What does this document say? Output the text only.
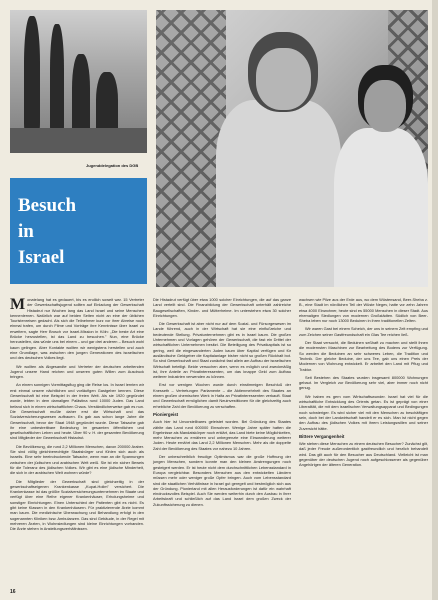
Jugenddelegation des DGB
Besuch
in
Israel

Monatelang hat es gedauert, bis es endlich soweit war. 15 Vertreter der Gewerkschaftsjugend sollten auf Einladung der Gewerkschaft Histadrut nur Wochen lang das Land Israel und seine Menschen kennenlernen. Natürlich war auf beiden Seiten nicht an eine der üblichen Touristenreisen gedacht. Als sich die Teilnehmer kurz vor ihrer Abreise noch einmal trafen, um durch Filme und Vorträge ihre Kenntnisse über Israel zu erweitern, sagte Herr Brosch vor Israel-Mission in Köln: „Die beste Art eine Brücke herzustellen, ist das Land zu besuchen." Nun, eine Brücke herzustellen, das würde uns bei einem – und gar drei anderen – Besuch wohl kaum gelingen. Aber Kontakte wollten wir wenigstens herstellen und auch eine Grundlage, was zwischen den jungen Generationen des israelischen und des deutschen Volkes liegt.

Wir wollten als Abgesandte und Vertreter der deutschen arbeitenden Jugend unsere Hand reichen und unseren guten Willen zum Ausdruck bringen.

An einem sonnigen Vormittagsflug ging die Reise los. In Israel lernten wir erst einmal unsere nächtlichen und vorläufigen Gastgeber kennen. Diese Gewerkschaft ist eine Beispiel in der freien Welt. Als sie 1920 gegründet wurde, lebten in dem damaligen Palästina rund 10000 Juden. Das Land befand sich in einem wirtschaftlichen Chaos. Verständlicherweise gab es nun. Die Gewerkschaft mußte daher erst die Wirtschaft und das Sozialversicherungswesen aufbauen. Es gab aus schon lange Jahre die Gewerkschaft, bevor der Staat 1948 gegründet wurde. Diese Tatsache gab ihr eine unbestreitbare Bedeutung im gesamten öffentlichen und gesellschaftlichen Leben und heute. Über 90 v. H. der gesamten Bevölkerung sind Mitglieder der Gewerkschaft Histadrut.

Die Bevölkerung, die rund 2,2 Millionen Menschen, davon 200000 Araber. Sie sind völlig gleichberechtigte Staatsbürger und fühlen sich auch als Israelis. Eine sehr beeindruckende Tatsache, wenn man an die Spannungen zwischen der jüdischen und arabischen Welt weiß. Sie ist ein sicher Beweis für die Toleranz des jüdischen Volkes. Wir gibt es eine jüdische Minderheit, die sich in der arabischen Welt wohnen würde?

Die Mitglieder der Gewerkschaft sind gleichzeitig in der gewerkschaftseigenen Krankenkasse „Kupat-Holim" versichert. Die Krankenkasse ist das größte Sozialversicherungsunternehmen im Staate und verfügt über eine Reihe eigener Krankenhäuser, Erholungsheime und sonstiger Einrichtungen. Einen Unterschied der Patienten gibt es nicht. Es gibt keine Klassen in den Krankenhäusern. Für praktizierende Ärzte kommt man kaum. Die medizinische Überwachung und Behandlung erfolgt in den sogenannten Kliniken bzw. Ambulanzen. Das sind Gebäude, in der Regel mit mehreren Ärzten, in Wohnsiedlungen sind kleine Einrichtungen vorhanden. Die Ärzte stehen in Anstellungsverhältnissen.

Die Histadrut verfügt über etwa 1000 solcher Einrichtungen, die auf das ganze Land verteilt sind. Die Finanzbildung der Gewerkschaft unterhält zahlreiche Baugesellschaften, Kinder- und Mütterheime. Im unterstehen etwa 30 solcher Einrichtungen.

Die Gewerkschaft ist aber nicht nur auf dem Sozial- und Fürsorgewesen im Lande führend, auch in der Wirtschaft hat sie eine einflußreiche und bedeutende Stellung. Privatunternehmen gibt es in Israel kaum. Die großen Unternehmen und Vorlagen gehören der Gewerkschaft, die fast ein Drittel der wirtschaftlichen Unternehmen besitzt. Die Beteiligung des Privatkapitals ist so gering, weil die eingewanderten Juden kaum über Kapital verfügen und für ausländische Geldgeber die Kapitalanlage bisher nicht so großen Rückhalt bot. So sind Gewerkschaft und Staat zunächst fast allein am Aufbau der israelischen Wirtschaft beteiligt. Beide versuchen aber, wenn es möglich und zweckmäßig ist, ihre Anteile an Privatinteressenten, um das knappe Geld zum Aufbau weiterer Industrien verwenden zu können.

Erst vor wenigen Wochen wurde durch einstimmigen Beschluß der Knesseth – Vertretungen Parlamente – die Aktienmehrheit des Staates an einem großen chemischen Werk in Haifa an Privatinteressenten verkauft. Staat und Gewerkschaft ermöglichen damit Neuinvestitionen für die gleichzeitig auch erhebliche Zahl der Bevölkerung zu verschaffen.

Pioniergeist

Auch hier ist Unvorstellbares geleistet worden. Bei Gründung des Staates zählte das Land rund 600000 Einwohner. Wenige Jahre später hatten die Ergebnisse als Mandatskörper noch erklärt, das Land biete keine Möglichkeiten, mehr Menschen zu ernähren und unbegrenzte eine Einwanderung weiterer Juden. Heute ernährt das Land 2,2 Millionen Menschen. Mehr als die doppelte Zahl der Bevölkerung des Staates vor nahezu 10 Jahren.

Der unbeschreiblich freudige Optimismus war die große Hoffnung der jungen Menschen, sondern konnte man den kleinen Anstrengungen noch gesteigert werden. Er ist heute nicht dem durchschnittlichen Lebensstandard in Europa vergleichbar. Besonders Menschen aus den entwickelten Ländern müssen mehr oder weniger große Opfer bringen. Auch vom Lebensstandard sind die staatlichen Verhältnisse in Israel gut geregelt und bestmöglich sich aus der Gründung. Pionierland mit allen Herausforderungen ist dafür ein wahrhaft eindrucksvolles Beispiel. Auch Sie werden weiterhin durch den Ausbau in ihrer Arbeitskraft und schließlich auf das Land Israel dem großen Zweck der Zukunftssicherung zu dienen.

wachsen wie Pilze aus der Erde aus, wo dem Wüstensand, Beer-Sheba z. B., eine Stadt im nördlichen Teil der Wüste Negev, hatte vor zehn Jahren etwa 4000 Einwohner, heute sind es 55000 Menschen in dieser Stadt. Aus ehemaligen Siedlungen von modernen Großstädten. Südlich von Beer-Sheba leben nur noch 13000 Beduinen in ihren traditionellen Zelten.

Wir waren Gast bei einem Scheich, der uns in seinem Zelt empfing und zum Zeichen seiner Gastfreundschaft ein Glas Tee reichen ließ.

Der Staat versucht, die Beduinen seßhaft zu machen und stellt ihnen die modernsten Maschinen zur Bearbeitung des Bodens zur Verfügung. So werden die Beduinen an sehr schweres Leben, die Tradition und Technik. Der gleiche Beduine, der uns Tee, gab uns einen Preis der Modernen von Wohnung entwickelt. Er arbeitet den Land mit Pflug und Traktor.

Seit Bestehen des Staates wurden insgesamt 800000 Wohnungen gebaut. Im Vergleich zur Bevölkerung sehr viel, aber immer noch nicht genug.

Wir haben es gern vom Wirtschaftswunder. Israel hat viel für die wirtschaftliche Entwicklung des Orients getan. Es ist geprägt von einer Liberalität, die mit dem israelischen Verwaltungsapparat und Bedingungen noch schwieriger. Es wird sicher viel mit den Menschen zu beschäftigen sein, doch bei der Landwirtschaft handelt er es sich. Man ist nicht gegen den Aufbau des jüdischen Volkes mit ihrem Leistungswillen und seiner Zuversicht hätte.

Bittere Vergangenheit

Wie stehen diese Menschen zu einem deutschen Besucher? Zunächst gilt, daß jeder Freude außerordentlich gastfreundlich und herzlich behandelt wird. Das gilt auch für den Besucher aus Deutschland. Vielleicht ist man gegenüber der deutschen Jugend noch aufgeschlossener als gegenüber Angehörigen der älteren Generation.

16
